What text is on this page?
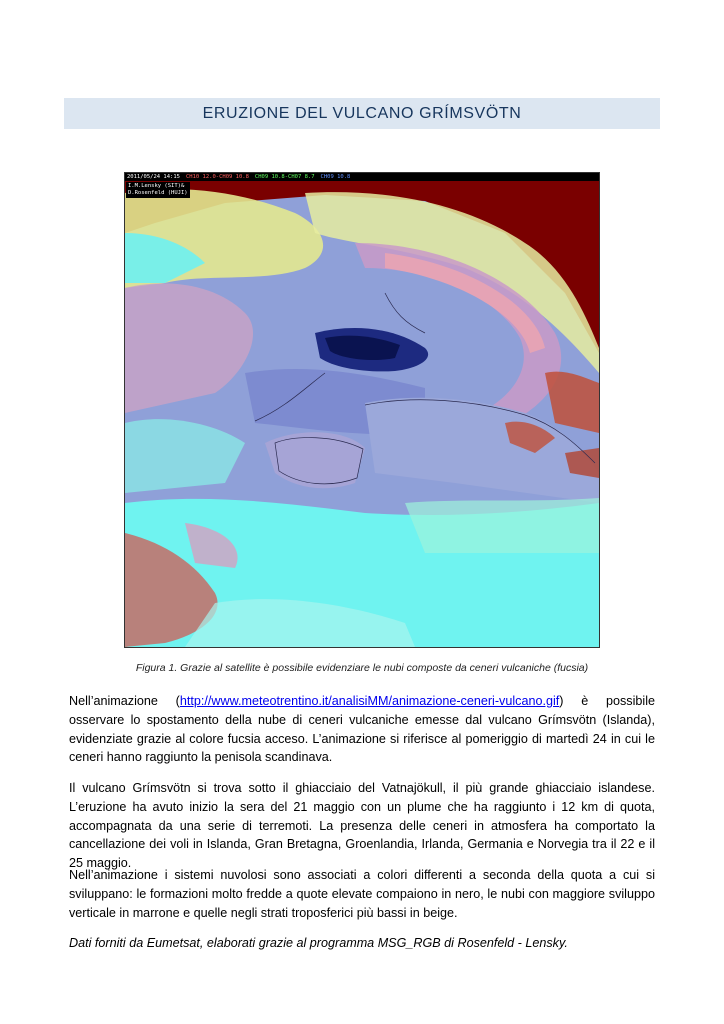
ERUZIONE DEL VULCANO GRÍMSVÖTN
2011/05/24 14:15 CH10 12.0-CH09 10.8 CH09 10.8-CH07 8.7 CH09 10.8
I.M.Lensky (SIT)&
D.Rosenfeld (HUJI)
Figura 1. Grazie al satellite è possibile evidenziare le nubi composte da ceneri vulcaniche (fucsia)

Nell’animazione (http://www.meteotrentino.it/analisiMM/animazione-ceneri-vulcano.gif) è possibile osservare lo spostamento della nube di ceneri vulcaniche emesse dal vulcano Grímsvötn (Islanda), evidenziate grazie al colore fucsia acceso. L’animazione si riferisce al pomeriggio di martedì 24 in cui le ceneri hanno raggiunto la penisola scandinava.

Il vulcano Grímsvötn si trova sotto il ghiacciaio del Vatnajökull, il più grande ghiacciaio islandese. L’eruzione ha avuto inizio la sera del 21 maggio con un plume che ha raggiunto i 12 km di quota, accompagnata da una serie di terremoti. La presenza delle ceneri in atmosfera ha comportato la cancellazione dei voli in Islanda, Gran Bretagna, Groenlandia, Irlanda, Germania e Norvegia tra il 22 e il 25 maggio.

Nell’animazione i sistemi nuvolosi sono associati a colori differenti a seconda della quota a cui si sviluppano: le formazioni molto fredde a quote elevate compaiono in nero, le nubi con maggiore sviluppo verticale in marrone e quelle negli strati troposferici più bassi in beige.

Dati forniti da Eumetsat, elaborati grazie al programma MSG_RGB di Rosenfeld - Lensky.
